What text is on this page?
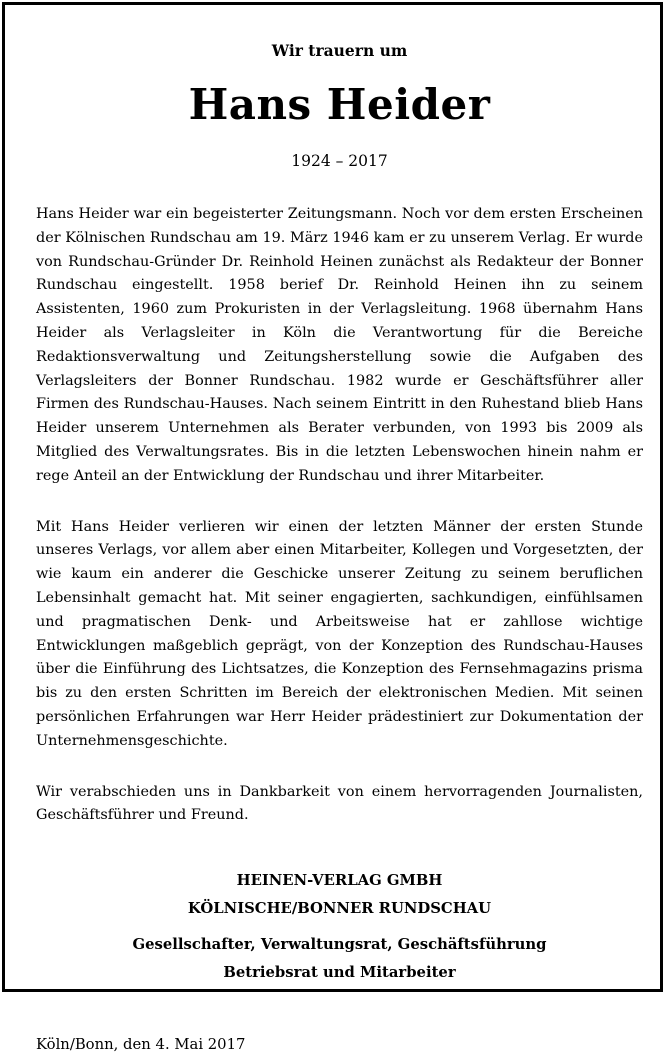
Wir trauern um

Hans Heider

1924 – 2017

Hans Heider war ein begeisterter Zeitungsmann. Noch vor dem ersten Erscheinen der Kölnischen Rundschau am 19. März 1946 kam er zu unserem Verlag. Er wurde von Rundschau-Gründer Dr. Reinhold Heinen zunächst als Redakteur der Bonner Rundschau eingestellt. 1958 berief Dr. Reinhold Heinen ihn zu seinem Assistenten, 1960 zum Prokuristen in der Verlagsleitung. 1968 übernahm Hans Heider als Verlagsleiter in Köln die Verantwortung für die Bereiche Redaktionsverwaltung und Zeitungsherstellung sowie die Aufgaben des Verlagsleiters der Bonner Rundschau. 1982 wurde er Geschäftsführer aller Firmen des Rundschau-Hauses. Nach seinem Eintritt in den Ruhestand blieb Hans Heider unserem Unternehmen als Berater verbunden, von 1993 bis 2009 als Mitglied des Verwaltungsrates. Bis in die letzten Lebenswochen hinein nahm er rege Anteil an der Entwicklung der Rundschau und ihrer Mitarbeiter.

Mit Hans Heider verlieren wir einen der letzten Männer der ersten Stunde unseres Verlags, vor allem aber einen Mitarbeiter, Kollegen und Vorgesetzten, der wie kaum ein anderer die Geschicke unserer Zeitung zu seinem beruflichen Lebensinhalt gemacht hat. Mit seiner engagierten, sachkundigen, einfühlsamen und pragmatischen Denk- und Arbeitsweise hat er zahllose wichtige Entwicklungen maßgeblich geprägt, von der Konzeption des Rundschau-Hauses über die Einführung des Lichtsatzes, die Konzeption des Fernsehmagazins prisma bis zu den ersten Schritten im Bereich der elektronischen Medien. Mit seinen persönlichen Erfahrungen war Herr Heider prädestiniert zur Dokumentation der Unternehmensgeschichte.

Wir verabschieden uns in Dankbarkeit von einem hervorragenden Journalisten, Geschäftsführer und Freund.

HEINEN-VERLAG GMBH

KÖLNISCHE/BONNER RUNDSCHAU

Gesellschafter, Verwaltungsrat, Geschäftsführung

Betriebsrat und Mitarbeiter

Köln/Bonn, den 4. Mai 2017
